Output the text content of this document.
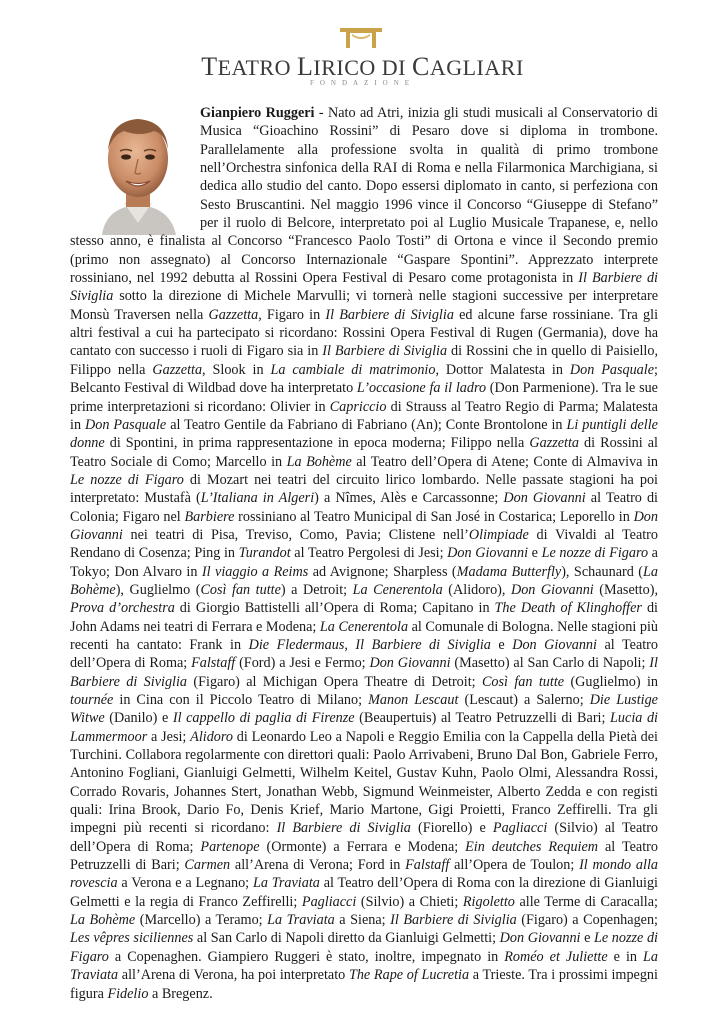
TEATRO LIRICO DI CAGLIARI
FONDAZIONE

Gianpiero Ruggeri - Nato ad Atri, inizia gli studi musicali al Conservatorio di Musica “Gioachino Rossini” di Pesaro dove si diploma in trombone. Parallelamente alla professione svolta in qualità di primo trombone nell’Orchestra sinfonica della RAI di Roma e nella Filarmonica Marchigiana, si dedica allo studio del canto. Dopo essersi diplomato in canto, si perfeziona con Sesto Bruscantini. Nel maggio 1996 vince il Concorso “Giuseppe di Stefano” per il ruolo di Belcore, interpretato poi al Luglio Musicale Trapanese, e, nello stesso anno, è finalista al Concorso “Francesco Paolo Tosti” di Ortona e vince il Secondo premio (primo non assegnato) al Concorso Internazionale “Gaspare Spontini”. Apprezzato interprete rossiniano, nel 1992 debutta al Rossini Opera Festival di Pesaro come protagonista in Il Barbiere di Siviglia sotto la direzione di Michele Marvulli; vi tornerà nelle stagioni successive per interpretare Monsù Traversen nella Gazzetta, Figaro in Il Barbiere di Siviglia ed alcune farse rossiniane. Tra gli altri festival a cui ha partecipato si ricordano: Rossini Opera Festival di Rugen (Germania), dove ha cantato con successo i ruoli di Figaro sia in Il Barbiere di Siviglia di Rossini che in quello di Paisiello, Filippo nella Gazzetta, Slook in La cambiale di matrimonio, Dottor Malatesta in Don Pasquale; Belcanto Festival di Wildbad dove ha interpretato L’occasione fa il ladro (Don Parmenione). Tra le sue prime interpretazioni si ricordano: Olivier in Capriccio di Strauss al Teatro Regio di Parma; Malatesta in Don Pasquale al Teatro Gentile da Fabriano di Fabriano (An); Conte Brontolone in Li puntigli delle donne di Spontini, in prima rappresentazione in epoca moderna; Filippo nella Gazzetta di Rossini al Teatro Sociale di Como; Marcello in La Bohème al Teatro dell’Opera di Atene; Conte di Almaviva in Le nozze di Figaro di Mozart nei teatri del circuito lirico lombardo. Nelle passate stagioni ha poi interpretato: Mustafà (L’Italiana in Algeri) a Nîmes, Alès e Carcassonne; Don Giovanni al Teatro di Colonia; Figaro nel Barbiere rossiniano al Teatro Municipal di San José in Costarica; Leporello in Don Giovanni nei teatri di Pisa, Treviso, Como, Pavia; Clistene nell’Olimpiade di Vivaldi al Teatro Rendano di Cosenza; Ping in Turandot al Teatro Pergolesi di Jesi; Don Giovanni e Le nozze di Figaro a Tokyo; Don Alvaro in Il viaggio a Reims ad Avignone; Sharpless (Madama Butterfly), Schaunard (La Bohème), Guglielmo (Così fan tutte) a Detroit; La Cenerentola (Alidoro), Don Giovanni (Masetto), Prova d’orchestra di Giorgio Battistelli all’Opera di Roma; Capitano in The Death of Klinghoffer di John Adams nei teatri di Ferrara e Modena; La Cenerentola al Comunale di Bologna. Nelle stagioni più recenti ha cantato: Frank in Die Fledermaus, Il Barbiere di Siviglia e Don Giovanni al Teatro dell’Opera di Roma; Falstaff (Ford) a Jesi e Fermo; Don Giovanni (Masetto) al San Carlo di Napoli; Il Barbiere di Siviglia (Figaro) al Michigan Opera Theatre di Detroit; Così fan tutte (Guglielmo) in tournée in Cina con il Piccolo Teatro di Milano; Manon Lescaut (Lescaut) a Salerno; Die Lustige Witwe (Danilo) e Il cappello di paglia di Firenze (Beaupertuis) al Teatro Petruzzelli di Bari; Lucia di Lammermoor a Jesi; Alidoro di Leonardo Leo a Napoli e Reggio Emilia con la Cappella della Pietà dei Turchini. Collabora regolarmente con direttori quali: Paolo Arrivabeni, Bruno Dal Bon, Gabriele Ferro, Antonino Fogliani, Gianluigi Gelmetti, Wilhelm Keitel, Gustav Kuhn, Paolo Olmi, Alessandra Rossi, Corrado Rovaris, Johannes Stert, Jonathan Webb, Sigmund Weinmeister, Alberto Zedda e con registi quali: Irina Brook, Dario Fo, Denis Krief, Mario Martone, Gigi Proietti, Franco Zeffirelli. Tra gli impegni più recenti si ricordano: Il Barbiere di Siviglia (Fiorello) e Pagliacci (Silvio) al Teatro dell’Opera di Roma; Partenope (Ormonte) a Ferrara e Modena; Ein deutches Requiem al Teatro Petruzzelli di Bari; Carmen all’Arena di Verona; Ford in Falstaff all’Opera de Toulon; Il mondo alla rovescia a Verona e a Legnano; La Traviata al Teatro dell’Opera di Roma con la direzione di Gianluigi Gelmetti e la regia di Franco Zeffirelli; Pagliacci (Silvio) a Chieti; Rigoletto alle Terme di Caracalla; La Bohème (Marcello) a Teramo; La Traviata a Siena; Il Barbiere di Siviglia (Figaro) a Copenhagen; Les vêpres siciliennes al San Carlo di Napoli diretto da Gianluigi Gelmetti; Don Giovanni e Le nozze di Figaro a Copenaghen. Giampiero Ruggeri è stato, inoltre, impegnato in Roméo et Juliette e in La Traviata all’Arena di Verona, ha poi interpretato The Rape of Lucretia a Trieste. Tra i prossimi impegni figura Fidelio a Bregenz.
